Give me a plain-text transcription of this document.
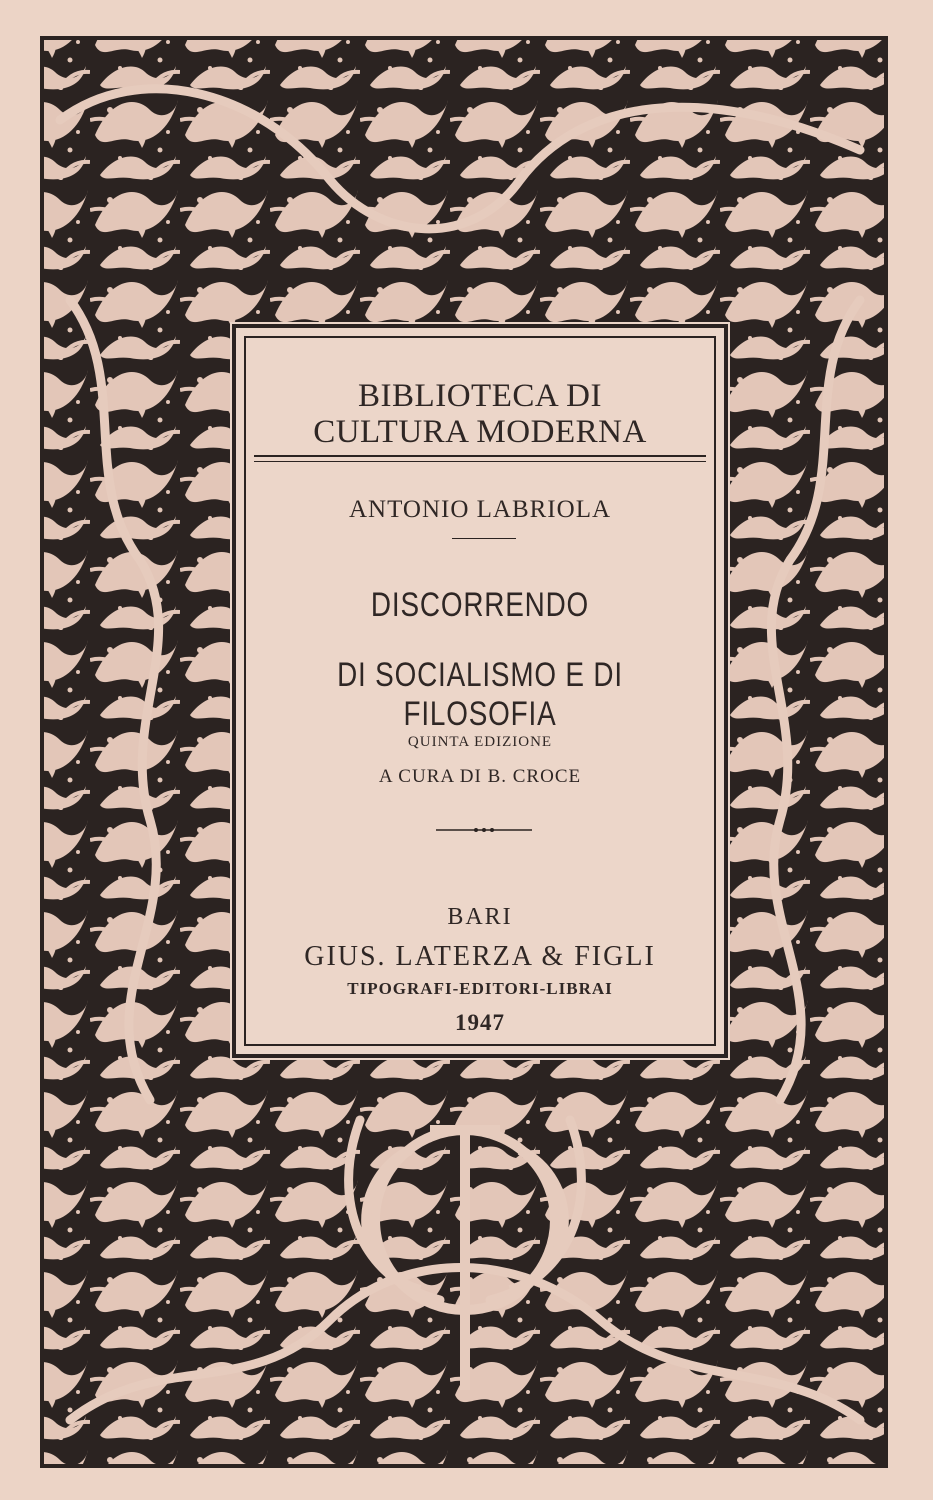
BIBLIOTECA DI CULTURA MODERNA
ANTONIO LABRIOLA
DISCORRENDO
DI SOCIALISMO E DI FILOSOFIA
QUINTA EDIZIONE
A CURA DI B. CROCE
BARI
GIUS. LATERZA & FIGLI
TIPOGRAFI-EDITORI-LIBRAI
1947
